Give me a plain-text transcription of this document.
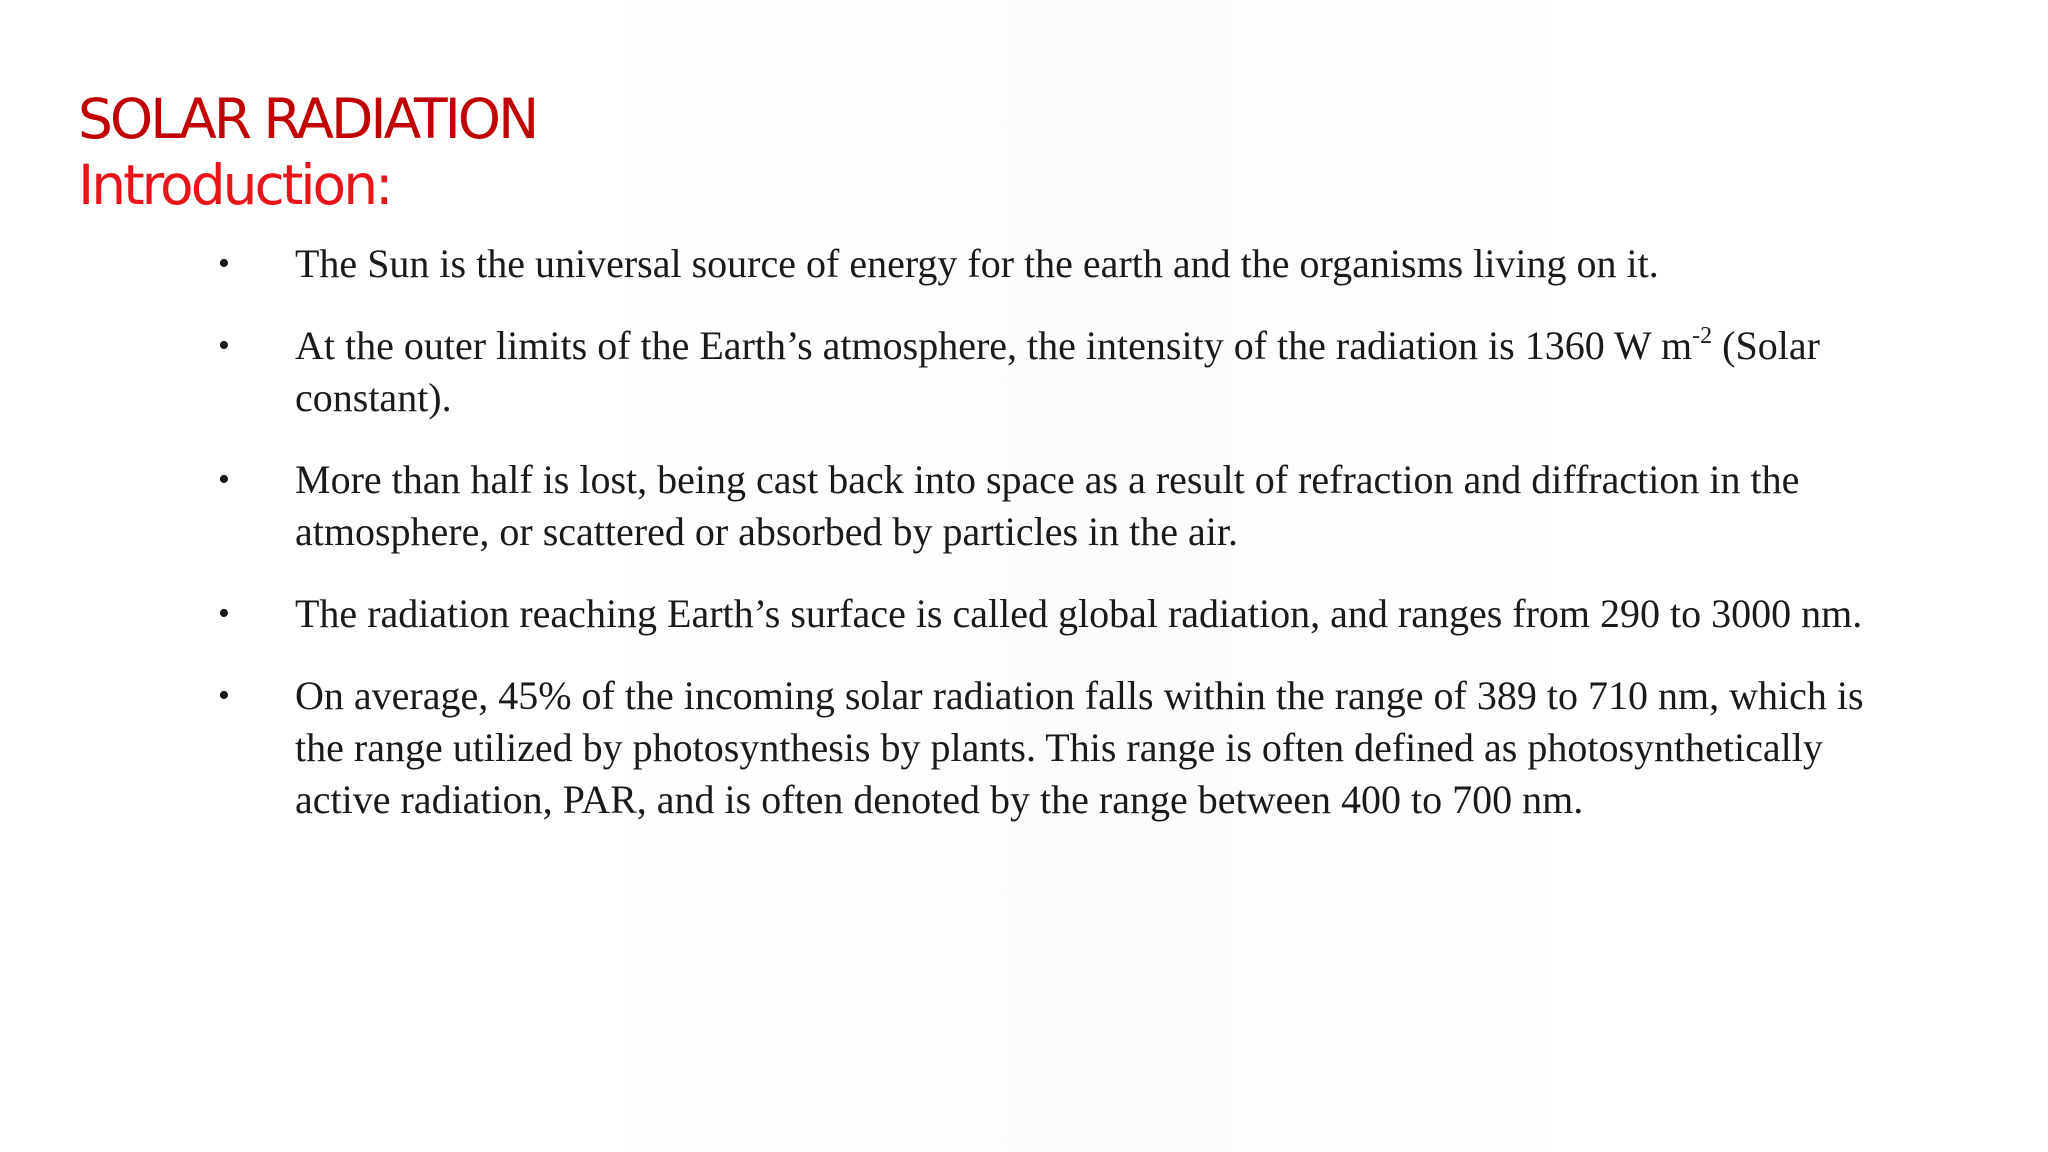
SOLAR RADIATION
Introduction:
• The Sun is the universal source of energy for the earth and the organisms living on it.
• At the outer limits of the Earth’s atmosphere, the intensity of the radiation is 1360 W $m^{-2}$ (Solar constant).
• More than half is lost, being cast back into space as a result of refraction and diffraction in the atmosphere, or scattered or absorbed by particles in the air.
• The radiation reaching Earth’s surface is called global radiation, and ranges from 290 to 3000 nm.
• On average, 45% of the incoming solar radiation falls within the range of 389 to 710 nm, which is the range utilized by photosynthesis by plants. This range is often defined as photosynthetically active radiation, PAR, and is often denoted by the range between 400 to 700 nm.
